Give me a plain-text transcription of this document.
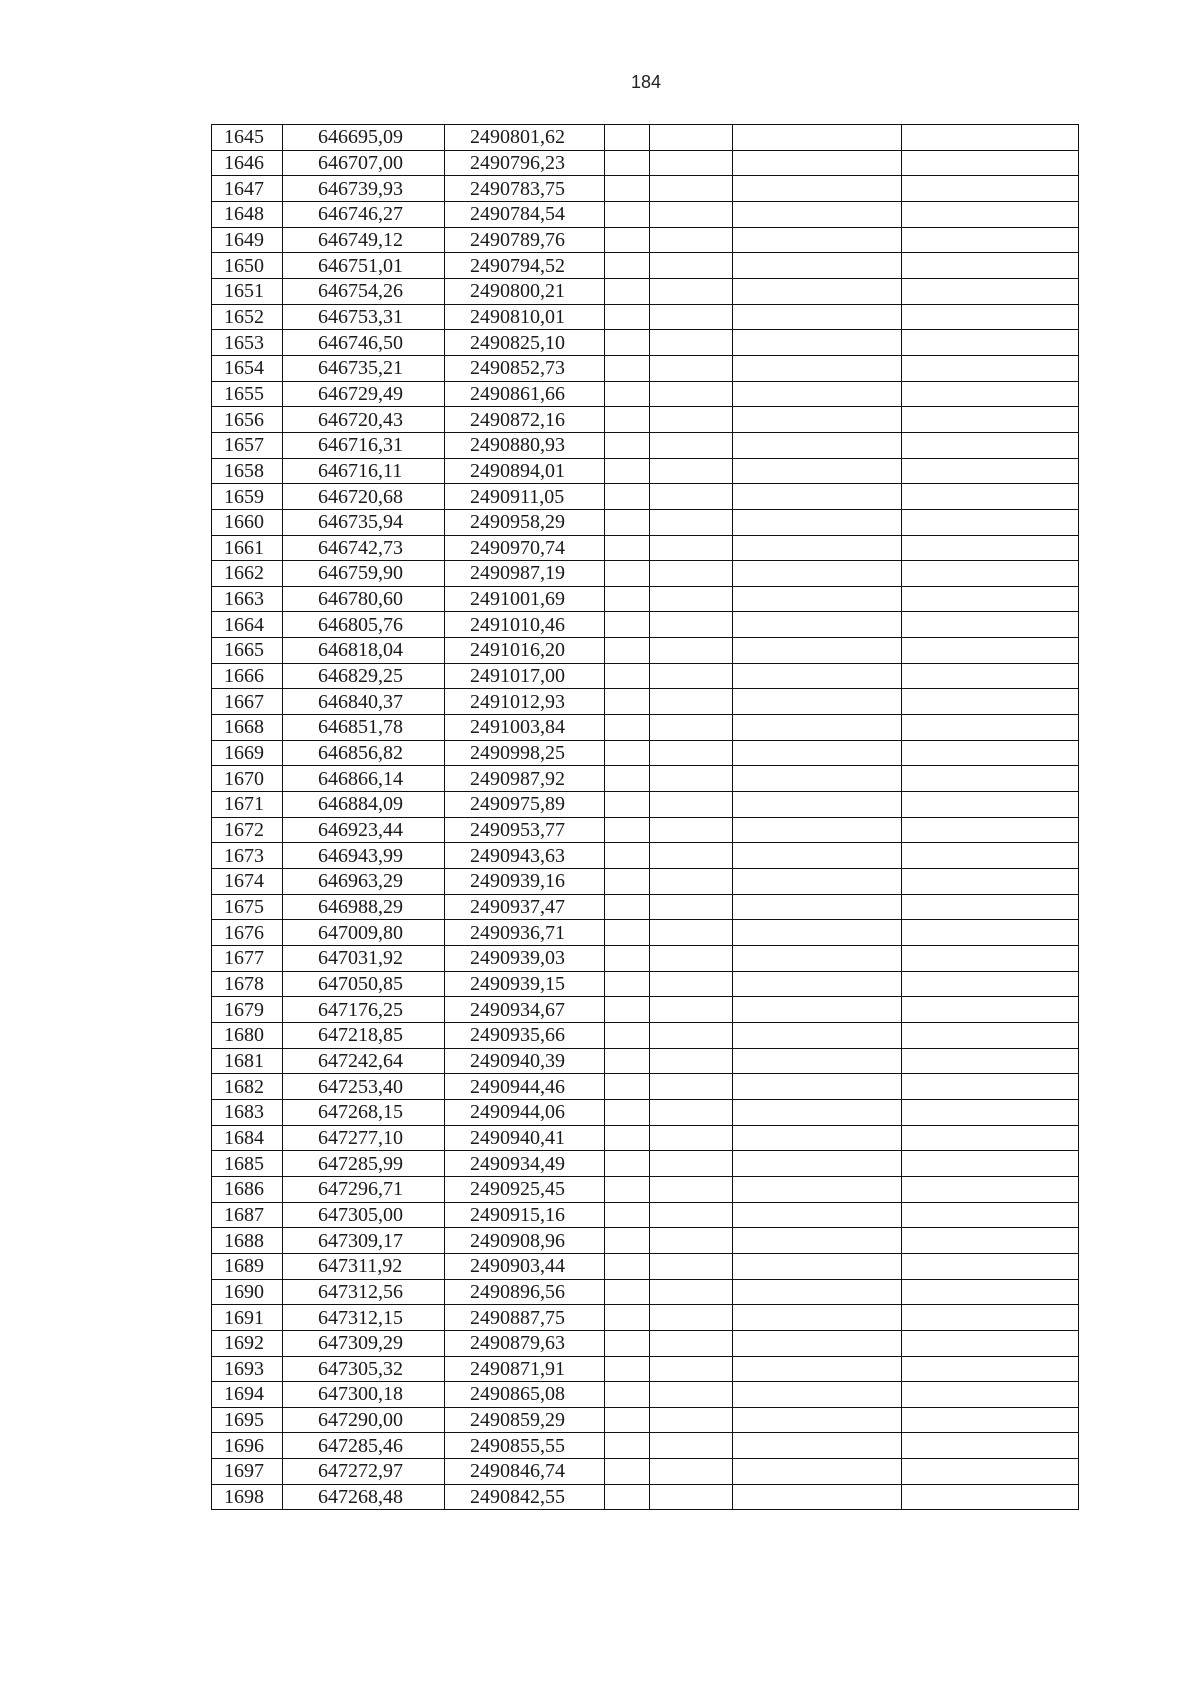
184
1645	646695,09	2490801,62				
1646	646707,00	2490796,23				
1647	646739,93	2490783,75				
1648	646746,27	2490784,54				
1649	646749,12	2490789,76				
1650	646751,01	2490794,52				
1651	646754,26	2490800,21				
1652	646753,31	2490810,01				
1653	646746,50	2490825,10				
1654	646735,21	2490852,73				
1655	646729,49	2490861,66				
1656	646720,43	2490872,16				
1657	646716,31	2490880,93				
1658	646716,11	2490894,01				
1659	646720,68	2490911,05				
1660	646735,94	2490958,29				
1661	646742,73	2490970,74				
1662	646759,90	2490987,19				
1663	646780,60	2491001,69				
1664	646805,76	2491010,46				
1665	646818,04	2491016,20				
1666	646829,25	2491017,00				
1667	646840,37	2491012,93				
1668	646851,78	2491003,84				
1669	646856,82	2490998,25				
1670	646866,14	2490987,92				
1671	646884,09	2490975,89				
1672	646923,44	2490953,77				
1673	646943,99	2490943,63				
1674	646963,29	2490939,16				
1675	646988,29	2490937,47				
1676	647009,80	2490936,71				
1677	647031,92	2490939,03				
1678	647050,85	2490939,15				
1679	647176,25	2490934,67				
1680	647218,85	2490935,66				
1681	647242,64	2490940,39				
1682	647253,40	2490944,46				
1683	647268,15	2490944,06				
1684	647277,10	2490940,41				
1685	647285,99	2490934,49				
1686	647296,71	2490925,45				
1687	647305,00	2490915,16				
1688	647309,17	2490908,96				
1689	647311,92	2490903,44				
1690	647312,56	2490896,56				
1691	647312,15	2490887,75				
1692	647309,29	2490879,63				
1693	647305,32	2490871,91				
1694	647300,18	2490865,08				
1695	647290,00	2490859,29				
1696	647285,46	2490855,55				
1697	647272,97	2490846,74				
1698	647268,48	2490842,55				
